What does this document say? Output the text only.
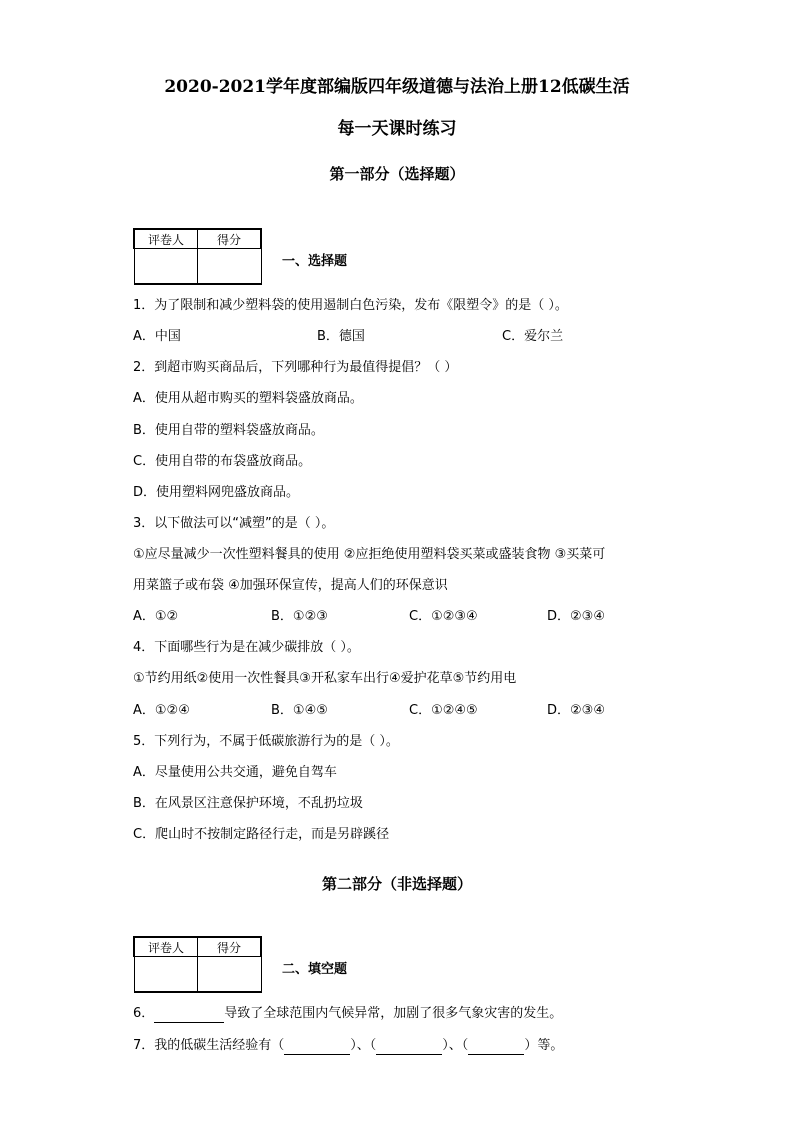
2020-2021学年度部编版四年级道德与法治上册12低碳生活
每一天课时练习
第一部分（选择题）
评卷人	得分

一、选择题
1．为了限制和减少塑料袋的使用遏制白色污染，发布《限塑令》的是（ ）。
A．中国	B．德国	C．爱尔兰
2．到超市购买商品后，下列哪种行为最值得提倡？（ ）
A．使用从超市购买的塑料袋盛放商品。
B．使用自带的塑料袋盛放商品。
C．使用自带的布袋盛放商品。
D．使用塑料网兜盛放商品。
3．以下做法可以“减塑”的是（ ）。
①应尽量减少一次性塑料餐具的使用 ②应拒绝使用塑料袋买菜或盛装食物 ③买菜可
用菜篮子或布袋 ④加强环保宣传，提高人们的环保意识
A．①②	B．①②③	C．①②③④	D．②③④
4．下面哪些行为是在减少碳排放（ ）。
①节约用纸②使用一次性餐具③开私家车出行④爱护花草⑤节约用电
A．①②④	B．①④⑤	C．①②④⑤	D．②③④
5．下列行为，不属于低碳旅游行为的是（ ）。
A．尽量使用公共交通，避免自驾车
B．在风景区注意保护环境，不乱扔垃圾
C．爬山时不按制定路径行走，而是另辟蹊径
第二部分（非选择题）
评卷人	得分

二、填空题
6．	导致了全球范围内气候异常，加剧了很多气象灾害的发生。
7．我的低碳生活经验有（	）、（	）、（	）等。
